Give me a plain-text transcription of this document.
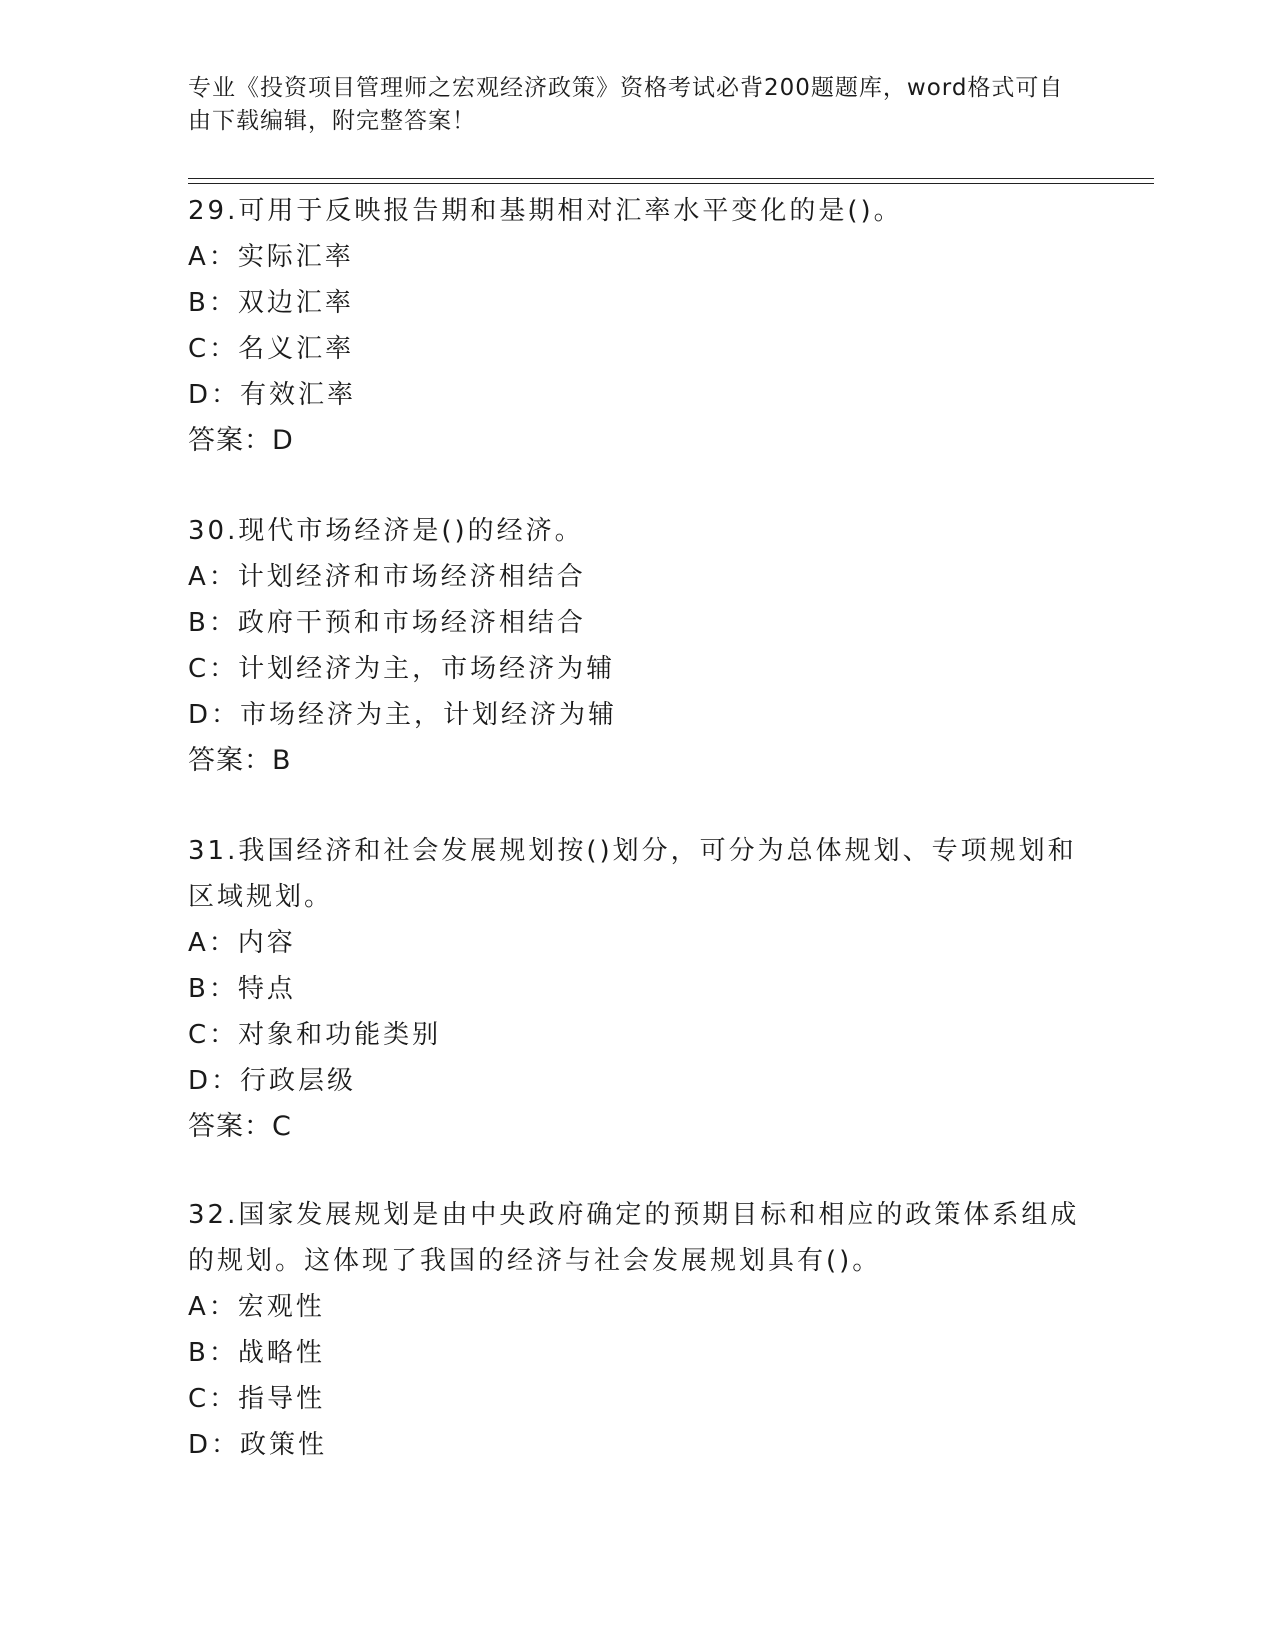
专业《投资项目管理师之宏观经济政策》资格考试必背200题题库，word格式可自由下载编辑，附完整答案！
29.可用于反映报告期和基期相对汇率水平变化的是()。
A：实际汇率
B：双边汇率
C：名义汇率
D：有效汇率
答案：D
30.现代市场经济是()的经济。
A：计划经济和市场经济相结合
B：政府干预和市场经济相结合
C：计划经济为主，市场经济为辅
D：市场经济为主，计划经济为辅
答案：B
31.我国经济和社会发展规划按()划分，可分为总体规划、专项规划和区域规划。
A：内容
B：特点
C：对象和功能类别
D：行政层级
答案：C
32.国家发展规划是由中央政府确定的预期目标和相应的政策体系组成的规划。这体现了我国的经济与社会发展规划具有()。
A：宏观性
B：战略性
C：指导性
D：政策性
